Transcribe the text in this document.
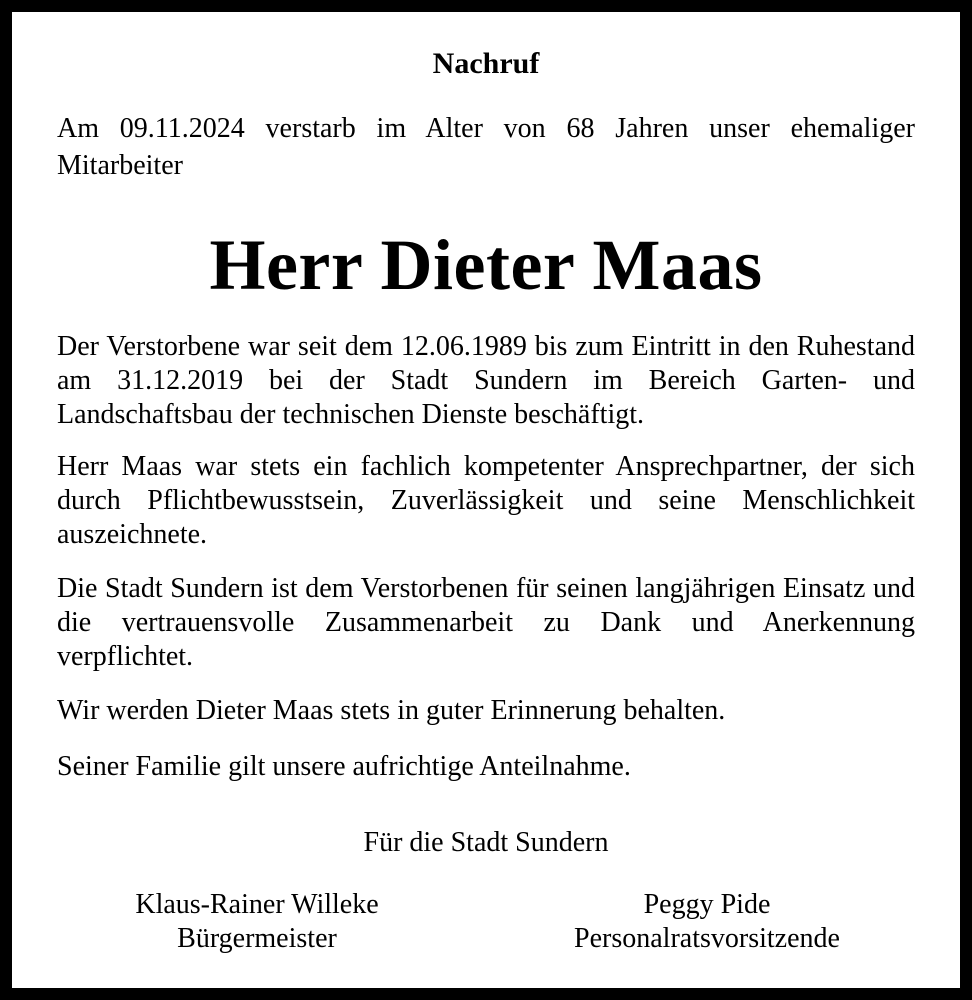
Nachruf
Am 09.11.2024 verstarb im Alter von 68 Jahren unser ehemaliger Mitarbeiter
Herr Dieter Maas

Der Verstorbene war seit dem 12.06.1989 bis zum Eintritt in den Ruhestand am 31.12.2019 bei der Stadt Sundern im Bereich Garten- und Landschaftsbau der technischen Dienste beschäftigt.

Herr Maas war stets ein fachlich kompetenter Ansprechpartner, der sich durch Pflichtbewusstsein, Zuverlässigkeit und seine Menschlichkeit auszeichnete.

Die Stadt Sundern ist dem Verstorbenen für seinen langjährigen Einsatz und die vertrauensvolle Zusammenarbeit zu Dank und Anerkennung verpflichtet.

Wir werden Dieter Maas stets in guter Erinnerung behalten.

Seiner Familie gilt unsere aufrichtige Anteilnahme.

Für die Stadt Sundern
Klaus-Rainer Willeke
Bürgermeister
Peggy Pide
Personalratsvorsitzende
